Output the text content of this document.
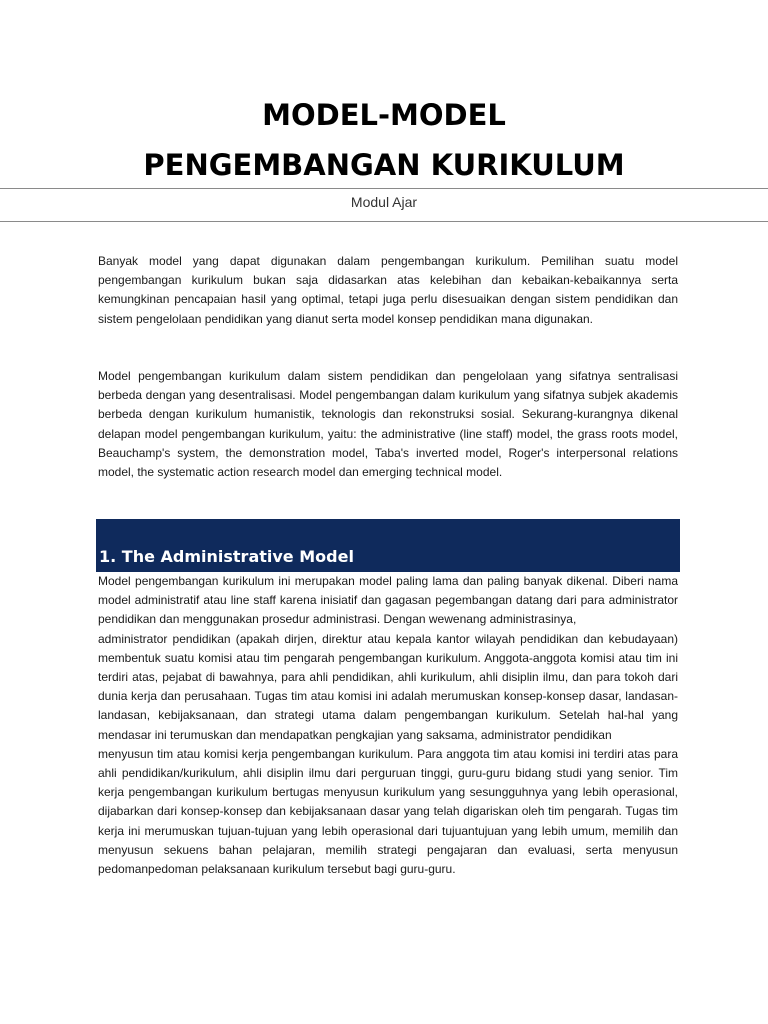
MODEL-MODEL
PENGEMBANGAN KURIKULUM
Modul Ajar

Banyak model yang dapat digunakan dalam pengembangan kurikulum. Pemilihan suatu model pengembangan kurikulum bukan saja didasarkan atas kelebihan dan kebaikan-kebaikannya serta kemungkinan pencapaian hasil yang optimal, tetapi juga perlu disesuaikan dengan sistem pendidikan dan sistem pengelolaan pendidikan yang dianut serta model konsep pendidikan mana digunakan.

Model pengembangan kurikulum dalam sistem pendidikan dan pengelolaan yang sifatnya sentralisasi berbeda dengan yang desentralisasi. Model pengembangan dalam kurikulum yang sifatnya subjek akademis berbeda dengan kurikulum humanistik, teknologis dan rekonstruksi sosial. Sekurang-kurangnya dikenal delapan model pengembangan kurikulum, yaitu: the administrative (line staff) model, the grass roots model, Beauchamp's system, the demonstration model, Taba's inverted model, Roger's interpersonal relations model, the systematic action research model dan emerging technical model.

1. The Administrative Model
Model pengembangan kurikulum ini merupakan model paling lama dan paling banyak dikenal. Diberi nama model administratif atau line staff karena inisiatif dan gagasan pegembangan datang dari para administrator pendidikan dan menggunakan prosedur administrasi. Dengan wewenang administrasinya,
administrator pendidikan (apakah dirjen, direktur atau kepala kantor wilayah pendidikan dan kebudayaan) membentuk suatu komisi atau tim pengarah pengembangan kurikulum. Anggota-anggota komisi atau tim ini terdiri atas, pejabat di bawahnya, para ahli pendidikan, ahli kurikulum, ahli disiplin ilmu, dan para tokoh dari dunia kerja dan perusahaan. Tugas tim atau komisi ini adalah merumuskan konsep-konsep dasar, landasan-landasan, kebijaksanaan, dan strategi utama dalam pengembangan kurikulum. Setelah hal-hal yang mendasar ini terumuskan dan mendapatkan pengkajian yang saksama, administrator pendidikan
menyusun tim atau komisi kerja pengembangan kurikulum. Para anggota tim atau komisi ini terdiri atas para ahli pendidikan/kurikulum, ahli disiplin ilmu dari perguruan tinggi, guru-guru bidang studi yang senior. Tim kerja pengembangan kurikulum bertugas menyusun kurikulum yang sesungguhnya yang lebih operasional, dijabarkan dari konsep-konsep dan kebijaksanaan dasar yang telah digariskan oleh tim pengarah. Tugas tim kerja ini merumuskan tujuan-tujuan yang lebih operasional dari tujuantujuan yang lebih umum, memilih dan menyusun sekuens bahan pelajaran, memilih strategi pengajaran dan evaluasi, serta menyusun pedomanpedoman pelaksanaan kurikulum tersebut bagi guru-guru.
